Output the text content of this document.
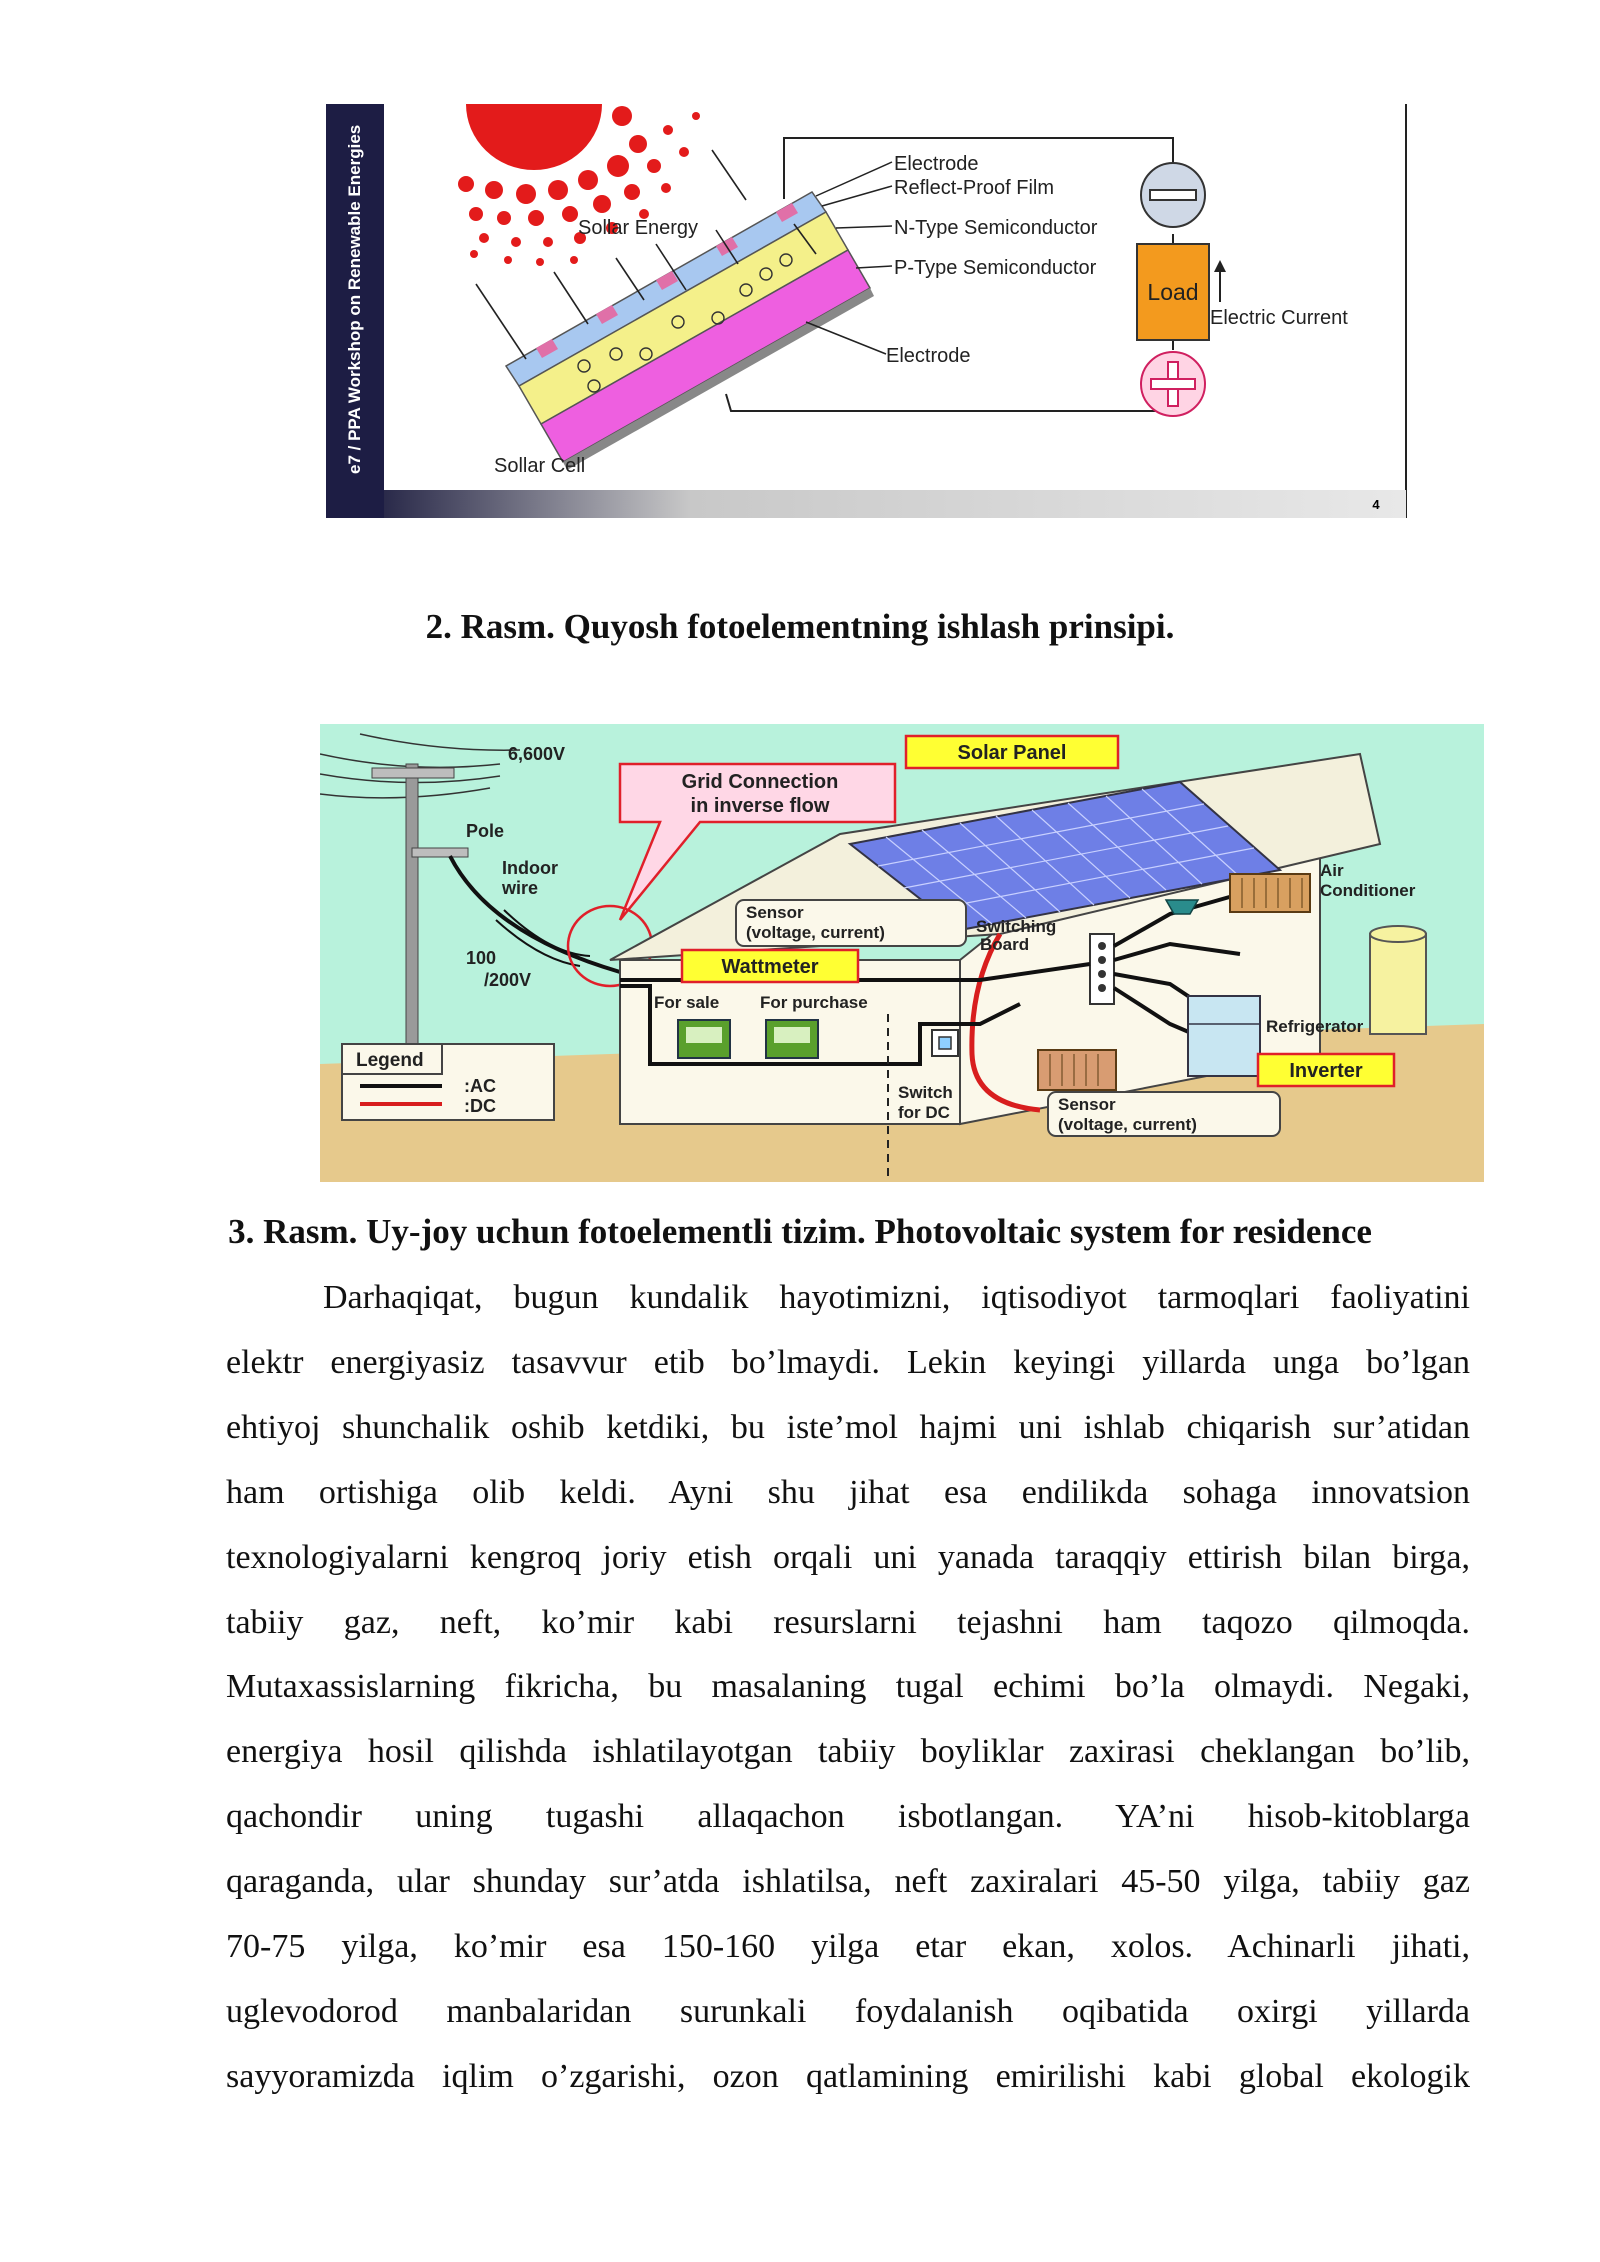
e7 / PPA Workshop on Renewable Energies
4
Load
Electric Current
Electrode
Reflect-Proof Film
N-Type Semiconductor
P-Type Semiconductor
Electrode
Sollar Energy
Sollar Cell
2. Rasm. Quyosh fotoelementning ishlash prinsipi.
6,600V
Pole
Indoor
wire
100
/200V
Grid Connection
in inverse flow
Solar Panel
Sensor
(voltage, current)	Switching
Board
Air
Conditioner
Refrigerator
Inverter
Wattmeter
For sale For purchase
Switch
for DC	Sensor
(voltage, current)
Legend
:AC
:DC
3. Rasm. Uy-joy uchun fotoelementli tizim. Photovoltaic system for residence
Darhaqiqat, bugun kundalik hayotimizni, iqtisodiyot tarmoqlari faoliyatini
elektr energiyasiz tasavvur etib bo’lmaydi. Lekin keyingi yillarda unga bo’lgan
ehtiyoj shunchalik oshib ketdiki, bu iste’mol hajmi uni ishlab chiqarish sur’atidan
ham ortishiga olib keldi. Ayni shu jihat esa endilikda sohaga innovatsion
texnologiyalarni kengroq joriy etish orqali uni yanada taraqqiy ettirish bilan birga,
tabiiy gaz, neft, ko’mir kabi resurslarni tejashni ham taqozo qilmoqda.
Mutaxassislarning fikricha, bu masalaning tugal echimi bo’la olmaydi. Negaki,
energiya hosil qilishda ishlatilayotgan tabiiy boyliklar zaxirasi cheklangan bo’lib,
qachondir uning tugashi allaqachon isbotlangan. YA’ni hisob-kitoblarga
qaraganda, ular shunday sur’atda ishlatilsa, neft zaxiralari 45-50 yilga, tabiiy gaz
70-75 yilga, ko’mir esa 150-160 yilga etar ekan, xolos. Achinarli jihati,
uglevodorod manbalaridan surunkali foydalanish oqibatida oxirgi yillarda
sayyoramizda iqlim o’zgarishi, ozon qatlamining emirilishi kabi global ekologik
